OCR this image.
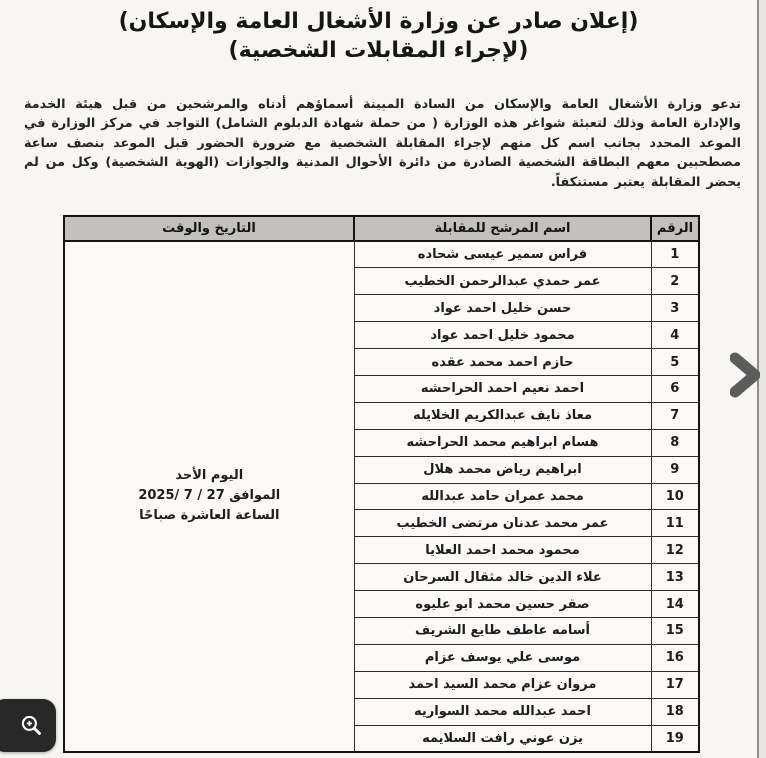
(إعلان صادر عن وزارة الأشغال العامة والإسكان)
(لإجراء المقابلات الشخصية)

تدعو وزارة الأشغال العامة والإسكان من السادة المبينة أسماؤهم أدناه والمرشحين من قبل هيئة الخدمة والإدارة العامة وذلك لتعبئة شواغر هذه الوزارة ( من حملة شهادة الدبلوم الشامل) التواجد في مركز الوزارة في الموعد المحدد بجانب اسم كل منهم لإجراء المقابلة الشخصية مع ضرورة الحضور قبل الموعد بنصف ساعة مصطحبين معهم البطاقة الشخصية الصادرة من دائرة الأحوال المدنية والجوازات (الهوية الشخصية) وكل من لم يحضر المقابلة يعتبر مستنكفاً.

الرقم	اسم المرشح للمقابلة	التاريخ والوقت
1	فراس سمير عيسى شحاده	اليوم الأحد
الموافق 27 / 7 /2025
الساعة العاشرة صباحًا

2	عمر حمدي عبدالرحمن الخطيب	
3	حسن خليل احمد عواد	
4	محمود خليل احمد عواد	
5	حازم احمد محمد عقده	
6	احمد نعيم احمد الحراحشه	
7	معاذ نايف عبدالكريم الخلايله	
8	هسام ابراهيم محمد الحراحشه	
9	ابراهيم رياض محمد هلال	
10	محمد عمران حامد عبدالله	
11	عمر محمد عدنان مرتضى الخطيب	
12	محمود محمد احمد العلايا	
13	علاء الدين خالد مثقال السرحان	
14	صقر حسين محمد ابو عليوه	
15	أسامه عاطف طايع الشريف	
16	موسى علي يوسف عزام	
17	مروان عزام محمد السيد احمد	
18	احمد عبدالله محمد السواريه	
19	يزن عوني رافت السلايمه	
